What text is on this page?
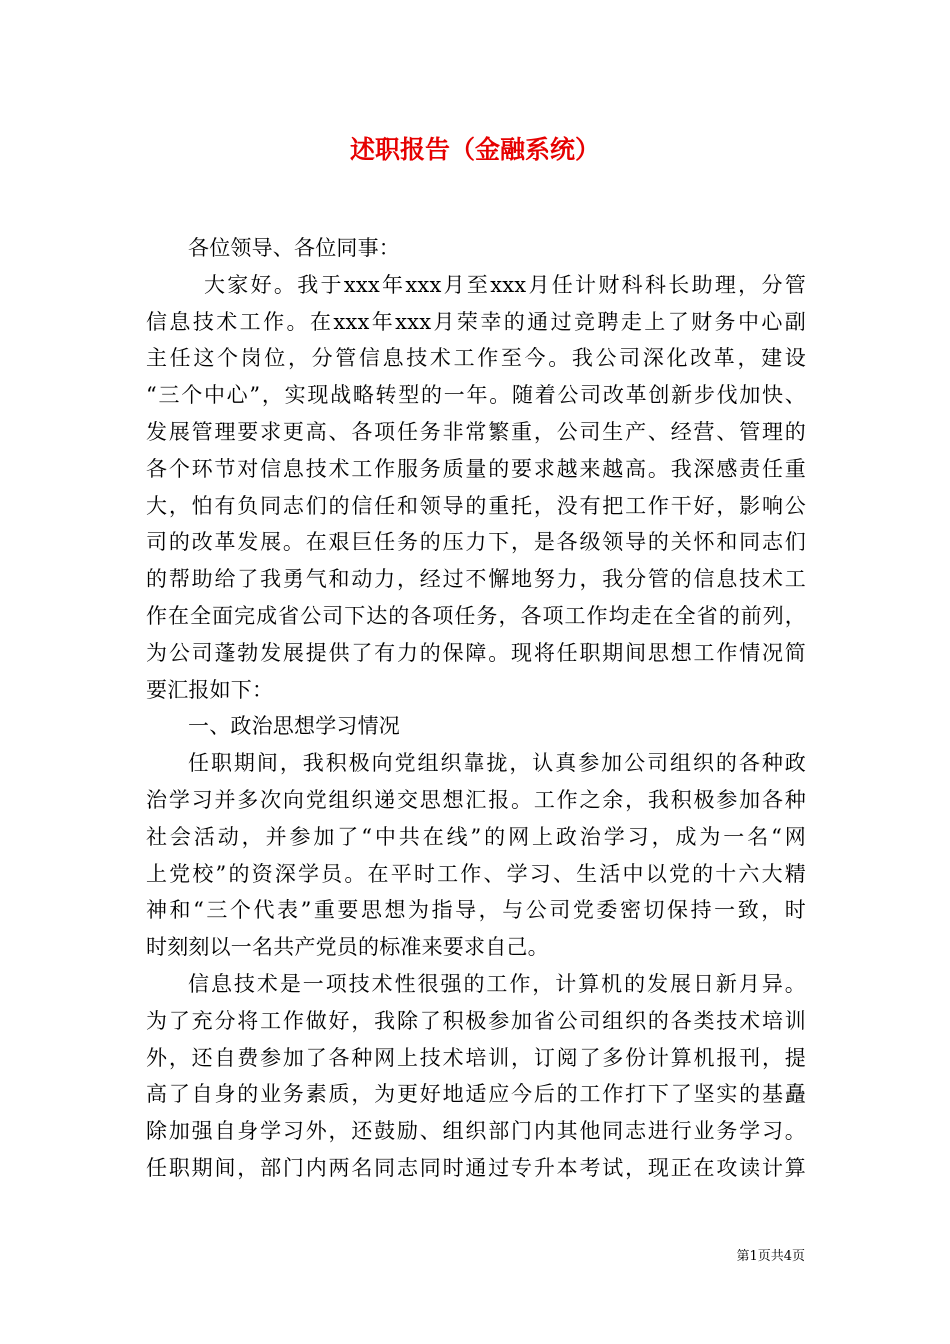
述职报告（金融系统）
各位领导、各位同事：
大家好。我于xxx年xxx月至xxx月任计财科科长助理，分管
信息技术工作。在xxx年xxx月荣幸的通过竞聘走上了财务中心副
主任这个岗位，分管信息技术工作至今。我公司深化改革，建设
“三个中心”，实现战略转型的一年。随着公司改革创新步伐加快、
发展管理要求更高、各项任务非常繁重，公司生产、经营、管理的
各个环节对信息技术工作服务质量的要求越来越高。我深感责任重
大，怕有负同志们的信任和领导的重托，没有把工作干好，影响公
司的改革发展。在艰巨任务的压力下，是各级领导的关怀和同志们
的帮助给了我勇气和动力，经过不懈地努力，我分管的信息技术工
作在全面完成省公司下达的各项任务，各项工作均走在全省的前列，
为公司蓬勃发展提供了有力的保障。现将任职期间思想工作情况简
要汇报如下：
一、政治思想学习情况
任职期间，我积极向党组织靠拢，认真参加公司组织的各种政
治学习并多次向党组织递交思想汇报。工作之余，我积极参加各种
社会活动，并参加了“中共在线”的网上政治学习，成为一名“网
上党校”的资深学员。在平时工作、学习、生活中以党的十六大精
神和“三个代表”重要思想为指导，与公司党委密切保持一致，时
时刻刻以一名共产党员的标准来要求自己。
信息技术是一项技术性很强的工作，计算机的发展日新月异。
为了充分将工作做好，我除了积极参加省公司组织的各类技术培训
外，还自费参加了各种网上技术培训，订阅了多份计算机报刊，提
高了自身的业务素质，为更好地适应今后的工作打下了坚实的基矗
除加强自身学习外，还鼓励、组织部门内其他同志进行业务学习。
任职期间，部门内两名同志同时通过专升本考试，现正在攻读计算
第1页共4页
